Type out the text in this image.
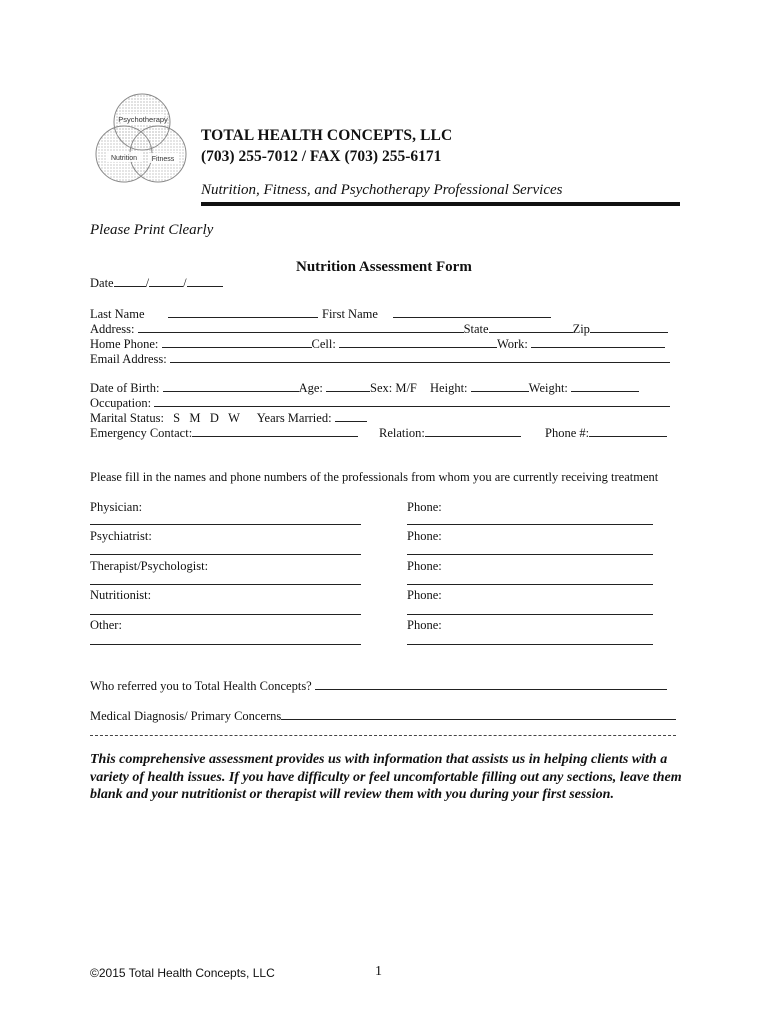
Psychotherapy
Nutrition Fitness
TOTAL HEALTH CONCEPTS, LLC
(703) 255-7012 / FAX (703) 255-6171
Nutrition, Fitness, and Psychotherapy Professional Services
Please Print Clearly
Nutrition Assessment Form
Date	/	/
Last Name	First Name
Address:	State	Zip
Home Phone:	Cell:	Work:
Email Address:
Date of Birth:	Age:	Sex: M/F Height:	Weight:
Occupation:
Marital Status: S   M   D   W Years Married:
Emergency Contact:	Relation:	Phone #:
Please fill in the names and phone numbers of the professionals from whom you are currently receiving treatment
Physician:	Phone:
Psychiatrist:	Phone:
Therapist/Psychologist:	Phone:
Nutritionist:	Phone:
Other:	Phone:
Who referred you to Total Health Concepts?
Medical Diagnosis/ Primary Concerns
This comprehensive assessment provides us with information that assists us in helping clients with a variety of health issues. If you have difficulty or feel uncomfortable filling out any sections, leave them blank and your nutritionist or therapist will review them with you during your first session.
©2015 Total Health Concepts, LLC	1
